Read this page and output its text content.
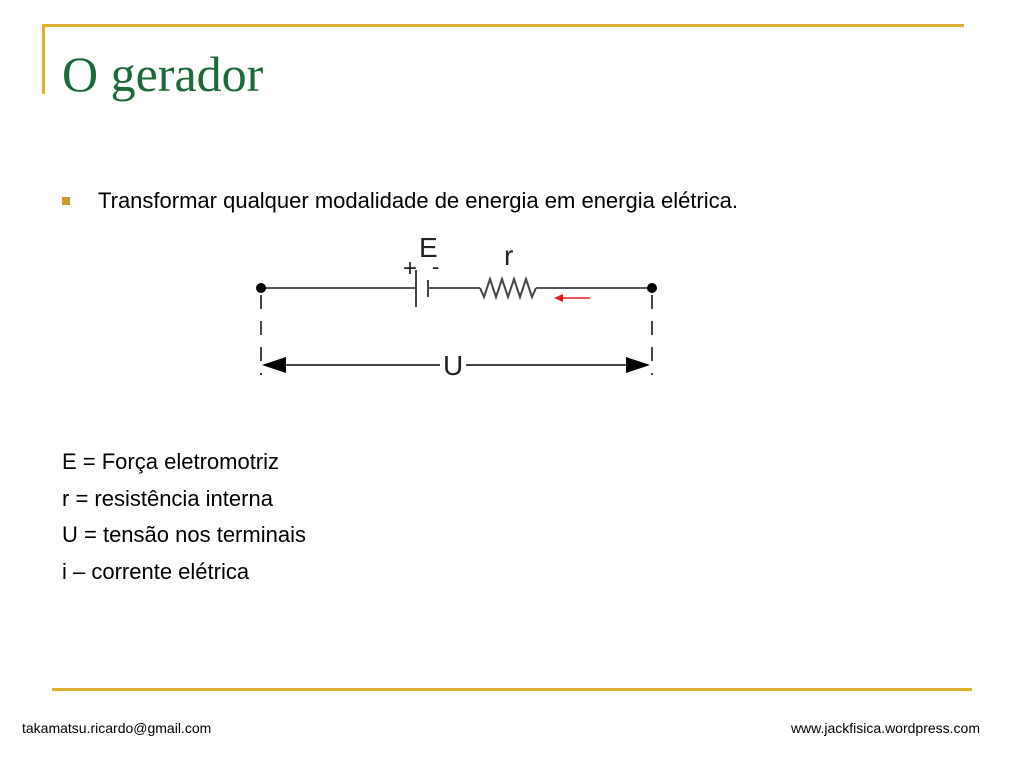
O gerador
Transformar qualquer modalidade de energia em energia elétrica.
+ -
E r
U
E = Força eletromotriz
r = resistência interna
U = tensão nos terminais
i – corrente elétrica
takamatsu.ricardo@gmail.com	www.jackfisica.wordpress.com
